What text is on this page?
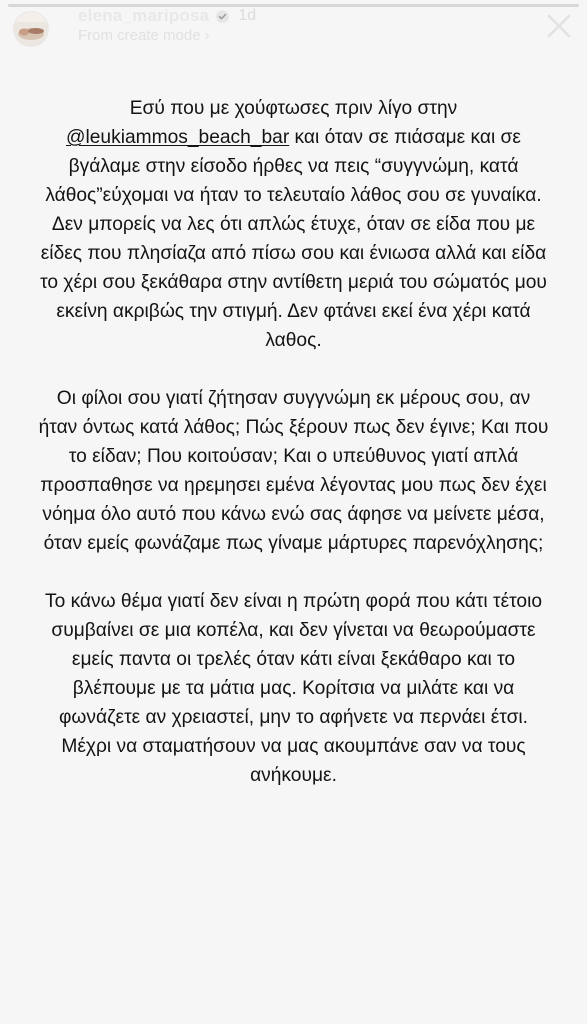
elena_mariposa 1d
From create mode ›

Εσύ που με χούφτωσες πριν λίγο στην
@leukiammos_beach_bar και όταν σε πιάσαμε και σε βγάλαμε στην είσοδο ήρθες να πεις “συγγνώμη, κατά λάθος”εύχομαι να ήταν το τελευταίο λάθος σου σε γυναίκα. Δεν μπορείς να λες ότι απλώς έτυχε, όταν σε είδα που με είδες που πλησίαζα από πίσω σου και ένιωσα αλλά και είδα το χέρι σου ξεκάθαρα στην αντίθετη μεριά του σώματός μου εκείνη ακριβώς την στιγμή. Δεν φτάνει εκεί ένα χέρι κατά λαθος.

Οι φίλοι σου γιατί ζήτησαν συγγνώμη εκ μέρους σου, αν ήταν όντως κατά λάθος; Πώς ξέρουν πως δεν έγινε; Και που το είδαν; Που κοιτούσαν; Και ο υπεύθυνος γιατί απλά προσπαθησε να ηρεμησει εμένα λέγοντας μου πως δεν έχει νόημα όλο αυτό που κάνω ενώ σας άφησε να μείνετε μέσα, όταν εμείς φωνάζαμε πως γίναμε μάρτυρες παρενόχλησης;

Το κάνω θέμα γιατί δεν είναι η πρώτη φορά που κάτι τέτοιο συμβαίνει σε μια κοπέλα, και δεν γίνεται να θεωρούμαστε εμείς παντα οι τρελές όταν κάτι είναι ξεκάθαρο και το βλέπουμε με τα μάτια μας. Κορίτσια να μιλάτε και να φωνάζετε αν χρειαστεί, μην το αφήνετε να περνάει έτσι. Μέχρι να σταματήσουν να μας ακουμπάνε σαν να τους ανήκουμε.
